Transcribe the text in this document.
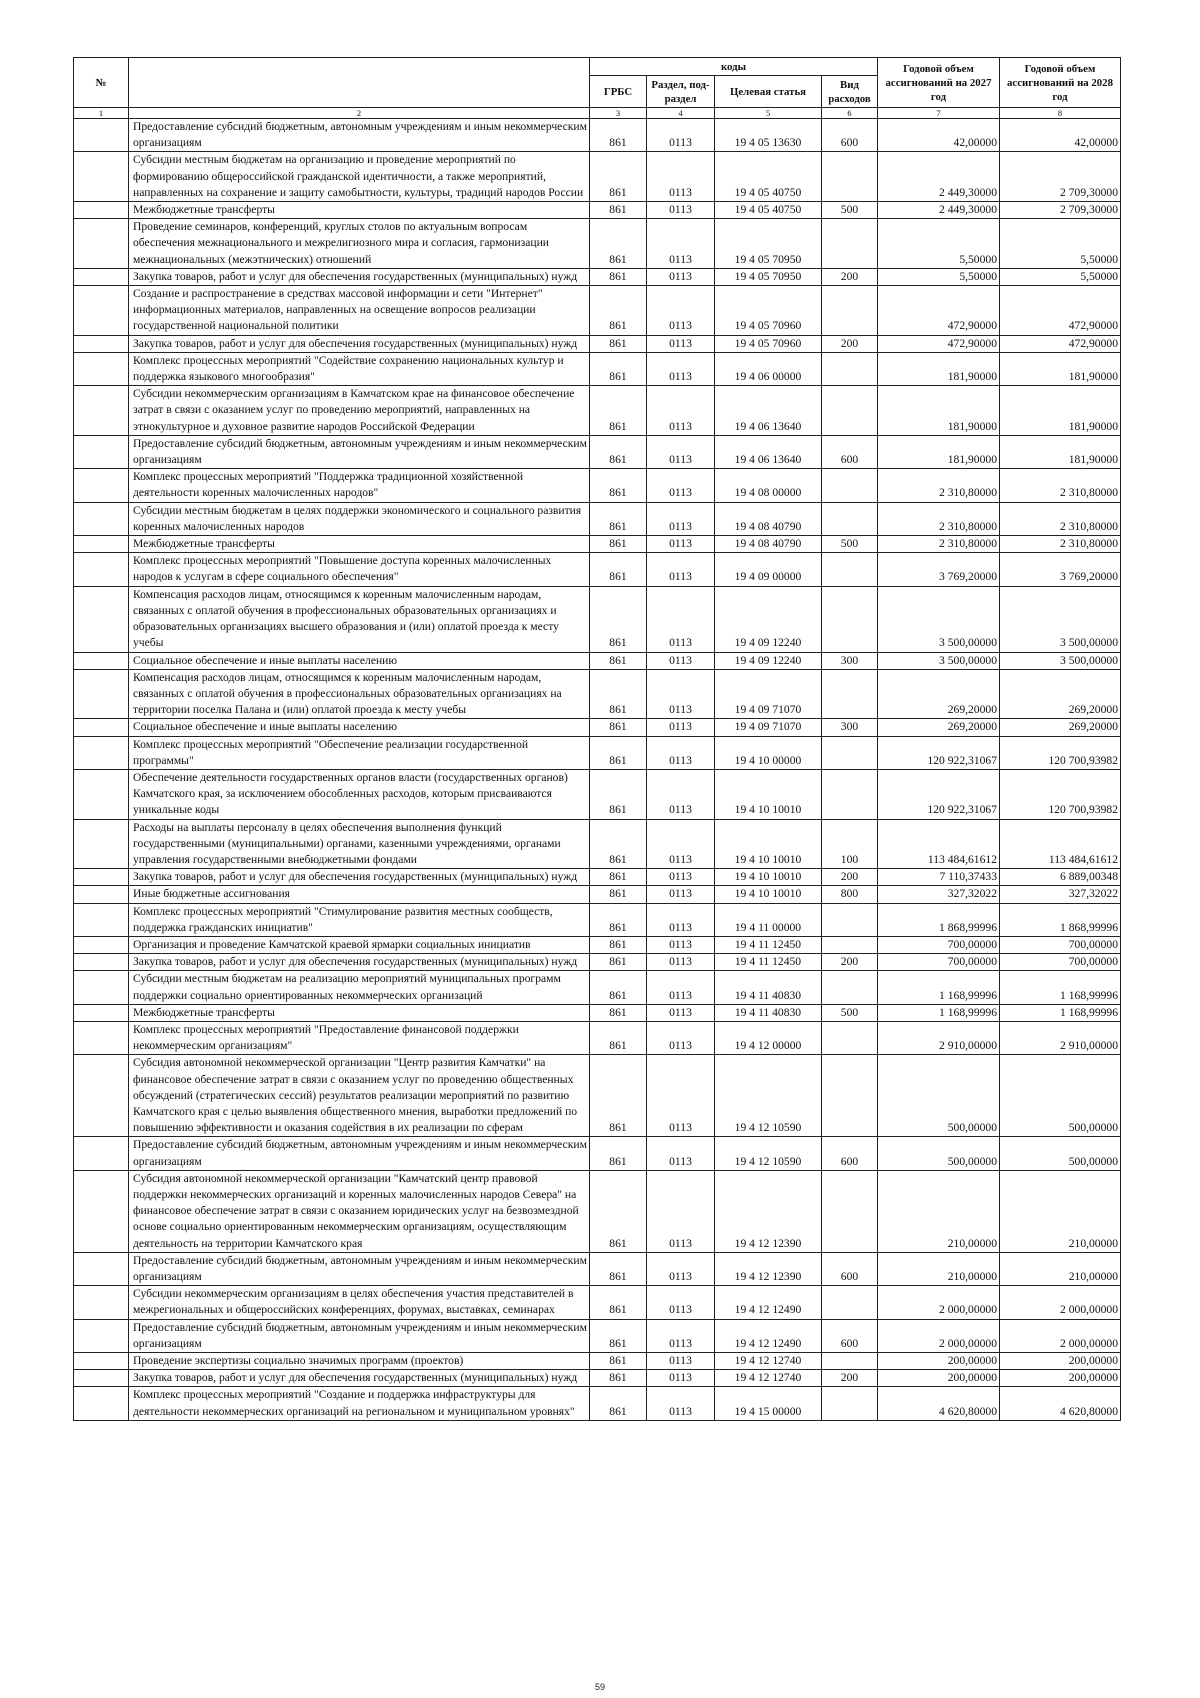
№		коды				Годовой объем ассигнований на 2027 год	Годовой объем ассигнований на 2028 год
		ГРБС	Раздел, под-раздел	Целевая статья	Вид расходов		
1	2	3	4	5	6	7	8
	Предоставление субсидий бюджетным, автономным учреждениям и иным некоммерческим организациям	861	0113	19 4 05 13630	600	42,00000	42,00000
	Субсидии местным бюджетам на организацию и проведение мероприятий по формированию общероссийской гражданской идентичности, а также мероприятий, направленных на сохранение и защиту самобытности, культуры, традиций народов России	861	0113	19 4 05 40750		2 449,30000	2 709,30000
	Межбюджетные трансферты	861	0113	19 4 05 40750	500	2 449,30000	2 709,30000
	Проведение семинаров, конференций, круглых столов по актуальным вопросам обеспечения межнационального и межрелигиозного мира и согласия, гармонизации межнациональных (межэтнических) отношений	861	0113	19 4 05 70950		5,50000	5,50000
	Закупка товаров, работ и услуг для обеспечения государственных (муниципальных) нужд	861	0113	19 4 05 70950	200	5,50000	5,50000
	Создание и распространение в средствах массовой информации и сети "Интернет" информационных материалов, направленных на освещение вопросов реализации государственной национальной политики	861	0113	19 4 05 70960		472,90000	472,90000
	Закупка товаров, работ и услуг для обеспечения государственных (муниципальных) нужд	861	0113	19 4 05 70960	200	472,90000	472,90000
	Комплекс процессных мероприятий "Содействие сохранению национальных культур и поддержка языкового многообразия"	861	0113	19 4 06 00000		181,90000	181,90000
	Субсидии некоммерческим организациям в Камчатском крае на финансовое обеспечение затрат в связи с оказанием услуг по проведению мероприятий, направленных на этнокультурное и духовное развитие народов Российской Федерации	861	0113	19 4 06 13640		181,90000	181,90000
	Предоставление субсидий бюджетным, автономным учреждениям и иным некоммерческим организациям	861	0113	19 4 06 13640	600	181,90000	181,90000
	Комплекс процессных мероприятий "Поддержка традиционной хозяйственной деятельности коренных малочисленных народов"	861	0113	19 4 08 00000		2 310,80000	2 310,80000
	Субсидии местным бюджетам в целях поддержки экономического и социального развития коренных малочисленных народов	861	0113	19 4 08 40790		2 310,80000	2 310,80000
	Межбюджетные трансферты	861	0113	19 4 08 40790	500	2 310,80000	2 310,80000
	Комплекс процессных мероприятий "Повышение доступа коренных малочисленных народов к услугам в сфере социального обеспечения"	861	0113	19 4 09 00000		3 769,20000	3 769,20000
	Компенсация расходов лицам, относящимся к коренным малочисленным народам, связанных с оплатой обучения в профессиональных образовательных организациях и образовательных организациях высшего образования и (или) оплатой проезда к месту учебы	861	0113	19 4 09 12240		3 500,00000	3 500,00000
	Социальное обеспечение и иные выплаты населению	861	0113	19 4 09 12240	300	3 500,00000	3 500,00000
	Компенсация расходов лицам, относящимся к коренным малочисленным народам, связанных с оплатой обучения в профессиональных образовательных организациях на территории поселка Палана и (или) оплатой проезда к месту учебы	861	0113	19 4 09 71070		269,20000	269,20000
	Социальное обеспечение и иные выплаты населению	861	0113	19 4 09 71070	300	269,20000	269,20000
	Комплекс процессных мероприятий "Обеспечение реализации государственной программы"	861	0113	19 4 10 00000		120 922,31067	120 700,93982
	Обеспечение деятельности государственных органов власти (государственных органов) Камчатского края, за исключением обособленных расходов, которым присваиваются уникальные коды	861	0113	19 4 10 10010		120 922,31067	120 700,93982
	Расходы на выплаты персоналу в целях обеспечения выполнения функций государственными (муниципальными) органами, казенными учреждениями, органами управления государственными внебюджетными фондами	861	0113	19 4 10 10010	100	113 484,61612	113 484,61612
	Закупка товаров, работ и услуг для обеспечения государственных (муниципальных) нужд	861	0113	19 4 10 10010	200	7 110,37433	6 889,00348
	Иные бюджетные ассигнования	861	0113	19 4 10 10010	800	327,32022	327,32022
	Комплекс процессных мероприятий "Стимулирование развития местных сообществ, поддержка гражданских инициатив"	861	0113	19 4 11 00000		1 868,99996	1 868,99996
	Организация и проведение Камчатской краевой ярмарки социальных инициатив	861	0113	19 4 11 12450		700,00000	700,00000
	Закупка товаров, работ и услуг для обеспечения государственных (муниципальных) нужд	861	0113	19 4 11 12450	200	700,00000	700,00000
	Субсидии местным бюджетам на реализацию мероприятий муниципальных программ поддержки социально ориентированных некоммерческих организаций	861	0113	19 4 11 40830		1 168,99996	1 168,99996
	Межбюджетные трансферты	861	0113	19 4 11 40830	500	1 168,99996	1 168,99996
	Комплекс процессных мероприятий "Предоставление финансовой поддержки некоммерческим организациям"	861	0113	19 4 12 00000		2 910,00000	2 910,00000
	Субсидия автономной некоммерческой организации "Центр развития Камчатки" на финансовое обеспечение затрат в связи с оказанием услуг по проведению общественных обсуждений (стратегических сессий) результатов реализации мероприятий по развитию Камчатского края с целью выявления общественного мнения, выработки предложений по повышению эффективности и оказания содействия в их реализации по сферам	861	0113	19 4 12 10590		500,00000	500,00000
	Предоставление субсидий бюджетным, автономным учреждениям и иным некоммерческим организациям	861	0113	19 4 12 10590	600	500,00000	500,00000
	Субсидия автономной некоммерческой организации "Камчатский центр правовой поддержки некоммерческих организаций и коренных малочисленных народов Севера" на финансовое обеспечение затрат в связи с оказанием юридических услуг на безвозмездной основе социально ориентированным некоммерческим организациям, осуществляющим деятельность на территории Камчатского края	861	0113	19 4 12 12390		210,00000	210,00000
	Предоставление субсидий бюджетным, автономным учреждениям и иным некоммерческим организациям	861	0113	19 4 12 12390	600	210,00000	210,00000
	Субсидии некоммерческим организациям в целях обеспечения участия представителей в межрегиональных и общероссийских конференциях, форумах, выставках, семинарах	861	0113	19 4 12 12490		2 000,00000	2 000,00000
	Предоставление субсидий бюджетным, автономным учреждениям и иным некоммерческим организациям	861	0113	19 4 12 12490	600	2 000,00000	2 000,00000
	Проведение экспертизы социально значимых программ (проектов)	861	0113	19 4 12 12740		200,00000	200,00000
	Закупка товаров, работ и услуг для обеспечения государственных (муниципальных) нужд	861	0113	19 4 12 12740	200	200,00000	200,00000
	Комплекс процессных мероприятий "Создание и поддержка инфраструктуры для деятельности некоммерческих организаций на региональном и муниципальном уровнях"	861	0113	19 4 15 00000		4 620,80000	4 620,80000
59
